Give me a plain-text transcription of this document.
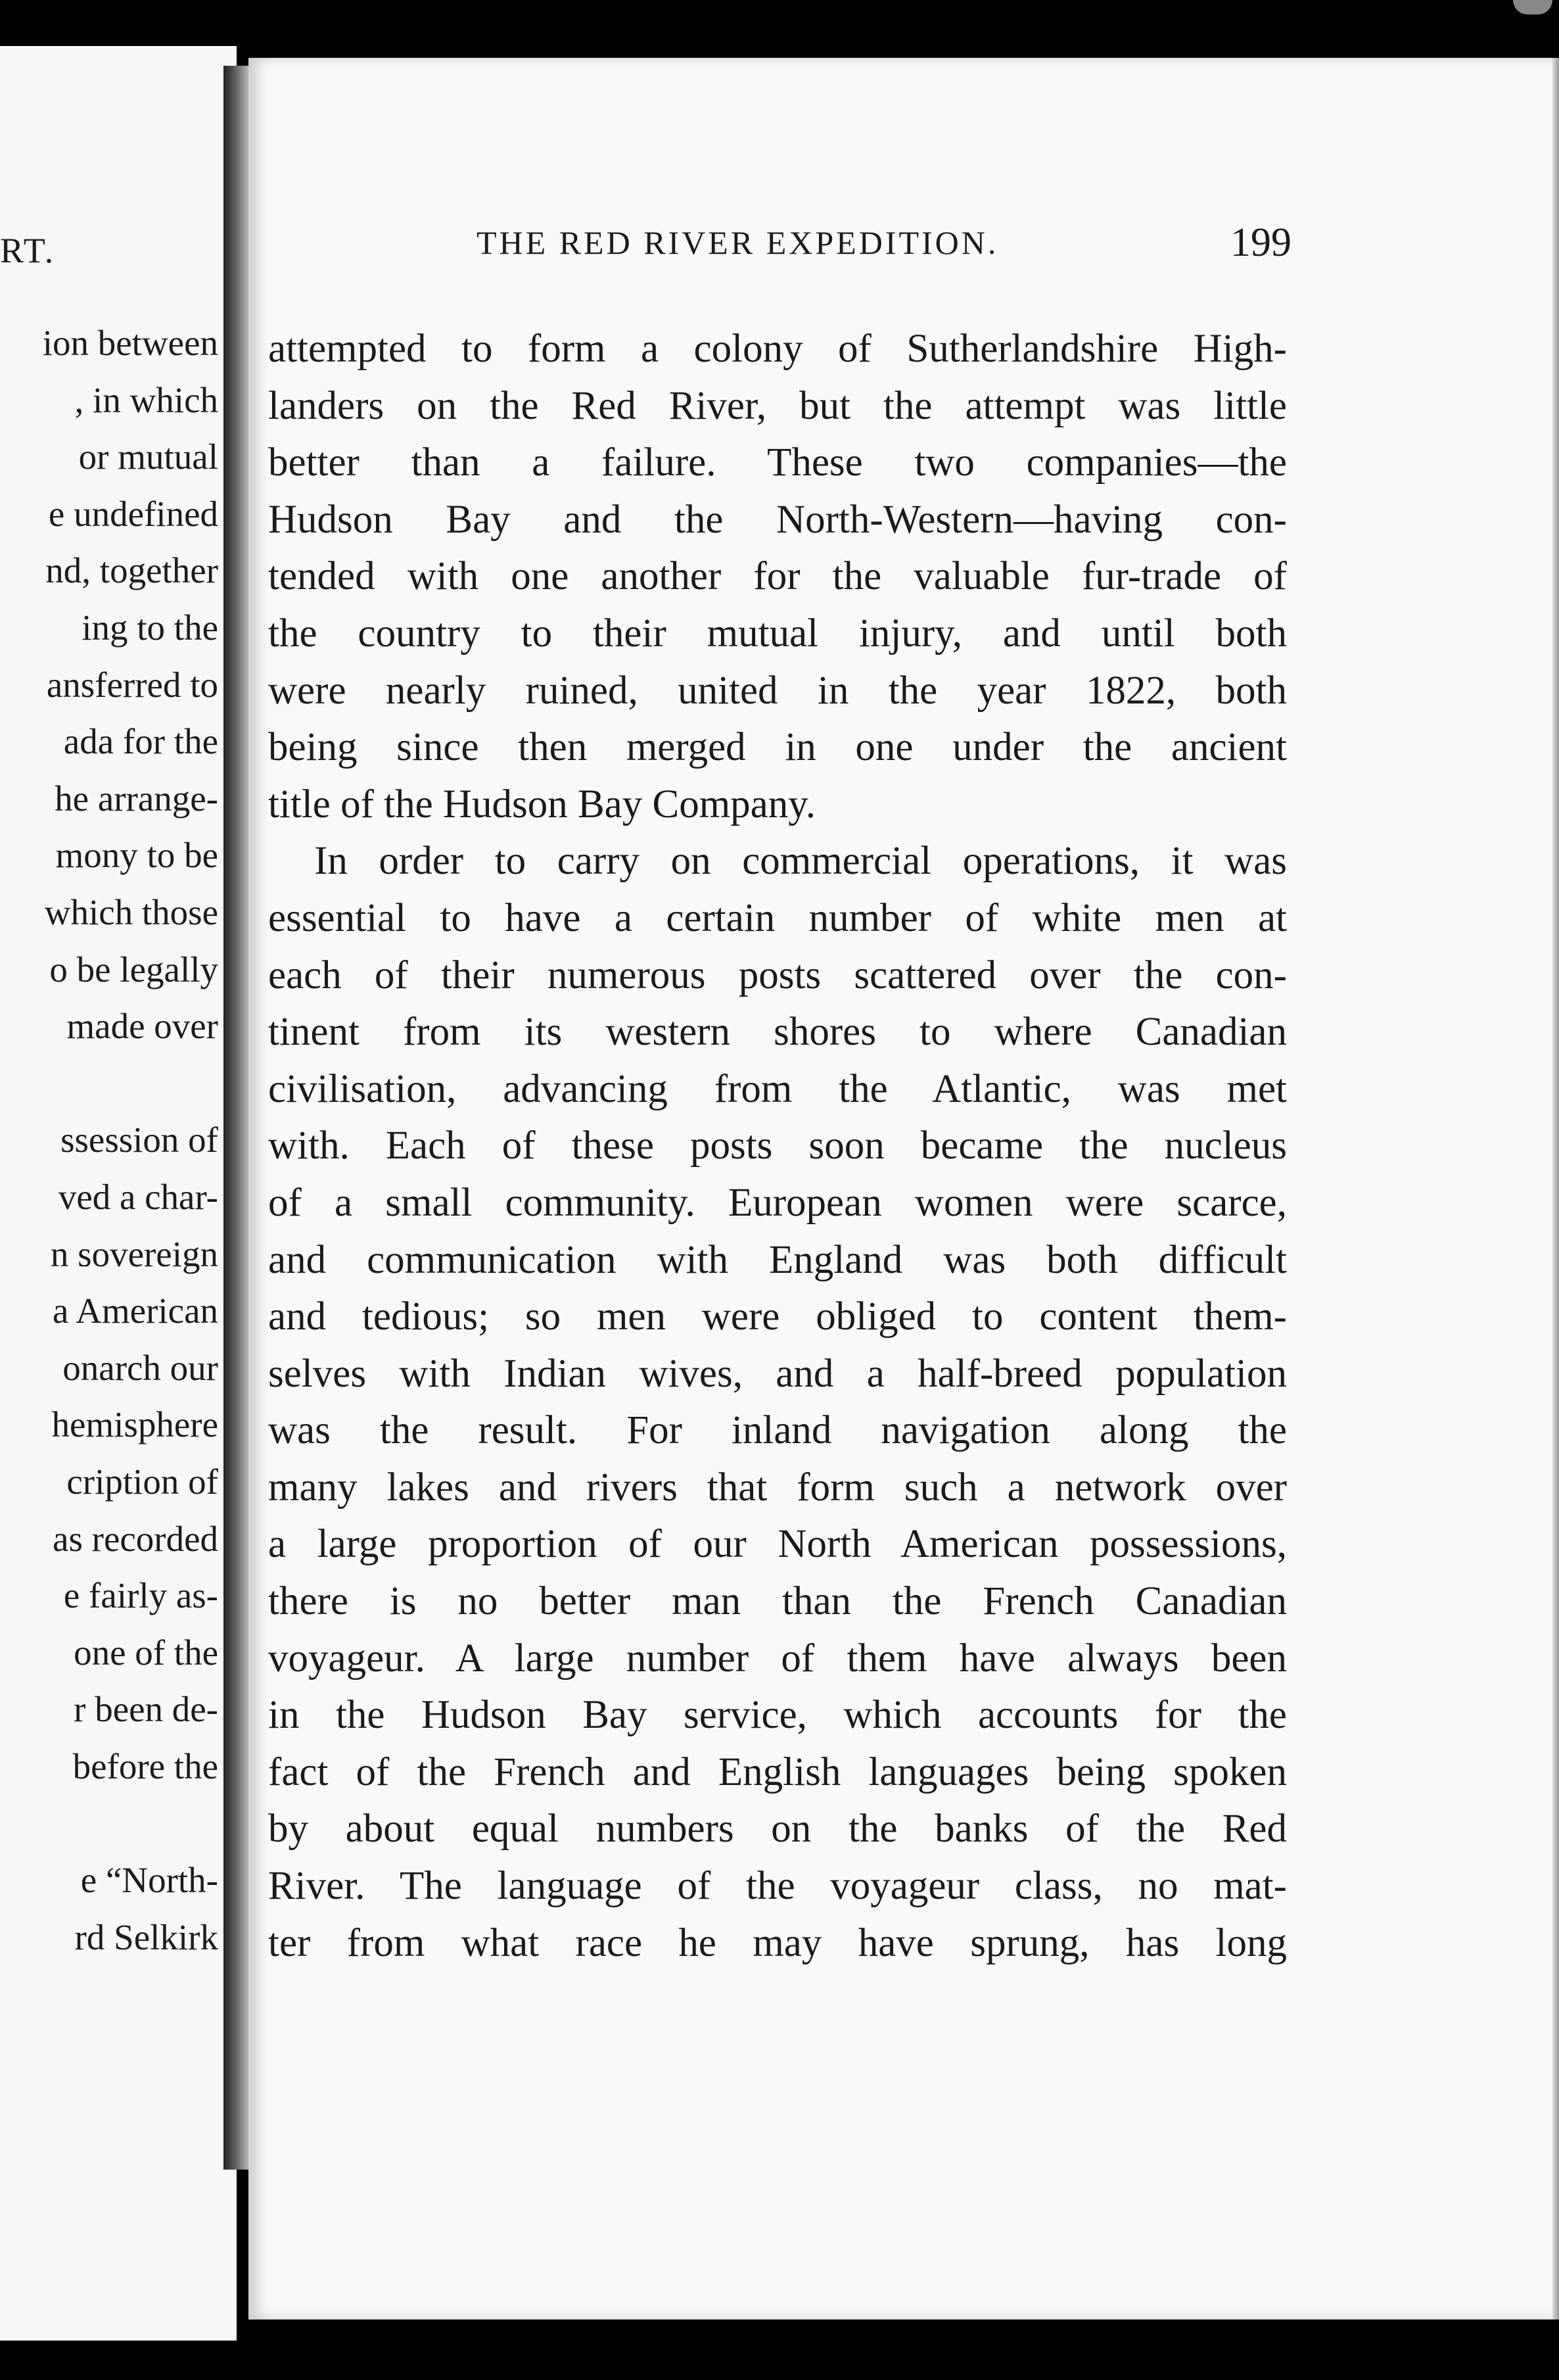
RT.
ion between
, in which
or mutual
e undefined
nd, together
ing to the
ansferred to
ada for the
he arrange-
mony to be
which those
o be legally
made over
ssession of
ved a char-
n sovereign
a American
onarch our
hemisphere
cription of
as recorded
e fairly as-
one of the
r been de-
before the
e “North-
rd Selkirk
THE RED RIVER EXPEDITION.	199
attempted to form a colony of Sutherlandshire High-
landers on the Red River, but the attempt was little
better than a failure. These two companies—the
Hudson Bay and the North-Western—having con-
tended with one another for the valuable fur-trade of
the country to their mutual injury, and until both
were nearly ruined, united in the year 1822, both
being since then merged in one under the ancient
title of the Hudson Bay Company.
In order to carry on commercial operations, it was
essential to have a certain number of white men at
each of their numerous posts scattered over the con-
tinent from its western shores to where Canadian
civilisation, advancing from the Atlantic, was met
with. Each of these posts soon became the nucleus
of a small community. European women were scarce,
and communication with England was both difficult
and tedious; so men were obliged to content them-
selves with Indian wives, and a half-breed population
was the result. For inland navigation along the
many lakes and rivers that form such a network over
a large proportion of our North American possessions,
there is no better man than the French Canadian
voyageur. A large number of them have always been
in the Hudson Bay service, which accounts for the
fact of the French and English languages being spoken
by about equal numbers on the banks of the Red
River. The language of the voyageur class, no mat-
ter from what race he may have sprung, has long
